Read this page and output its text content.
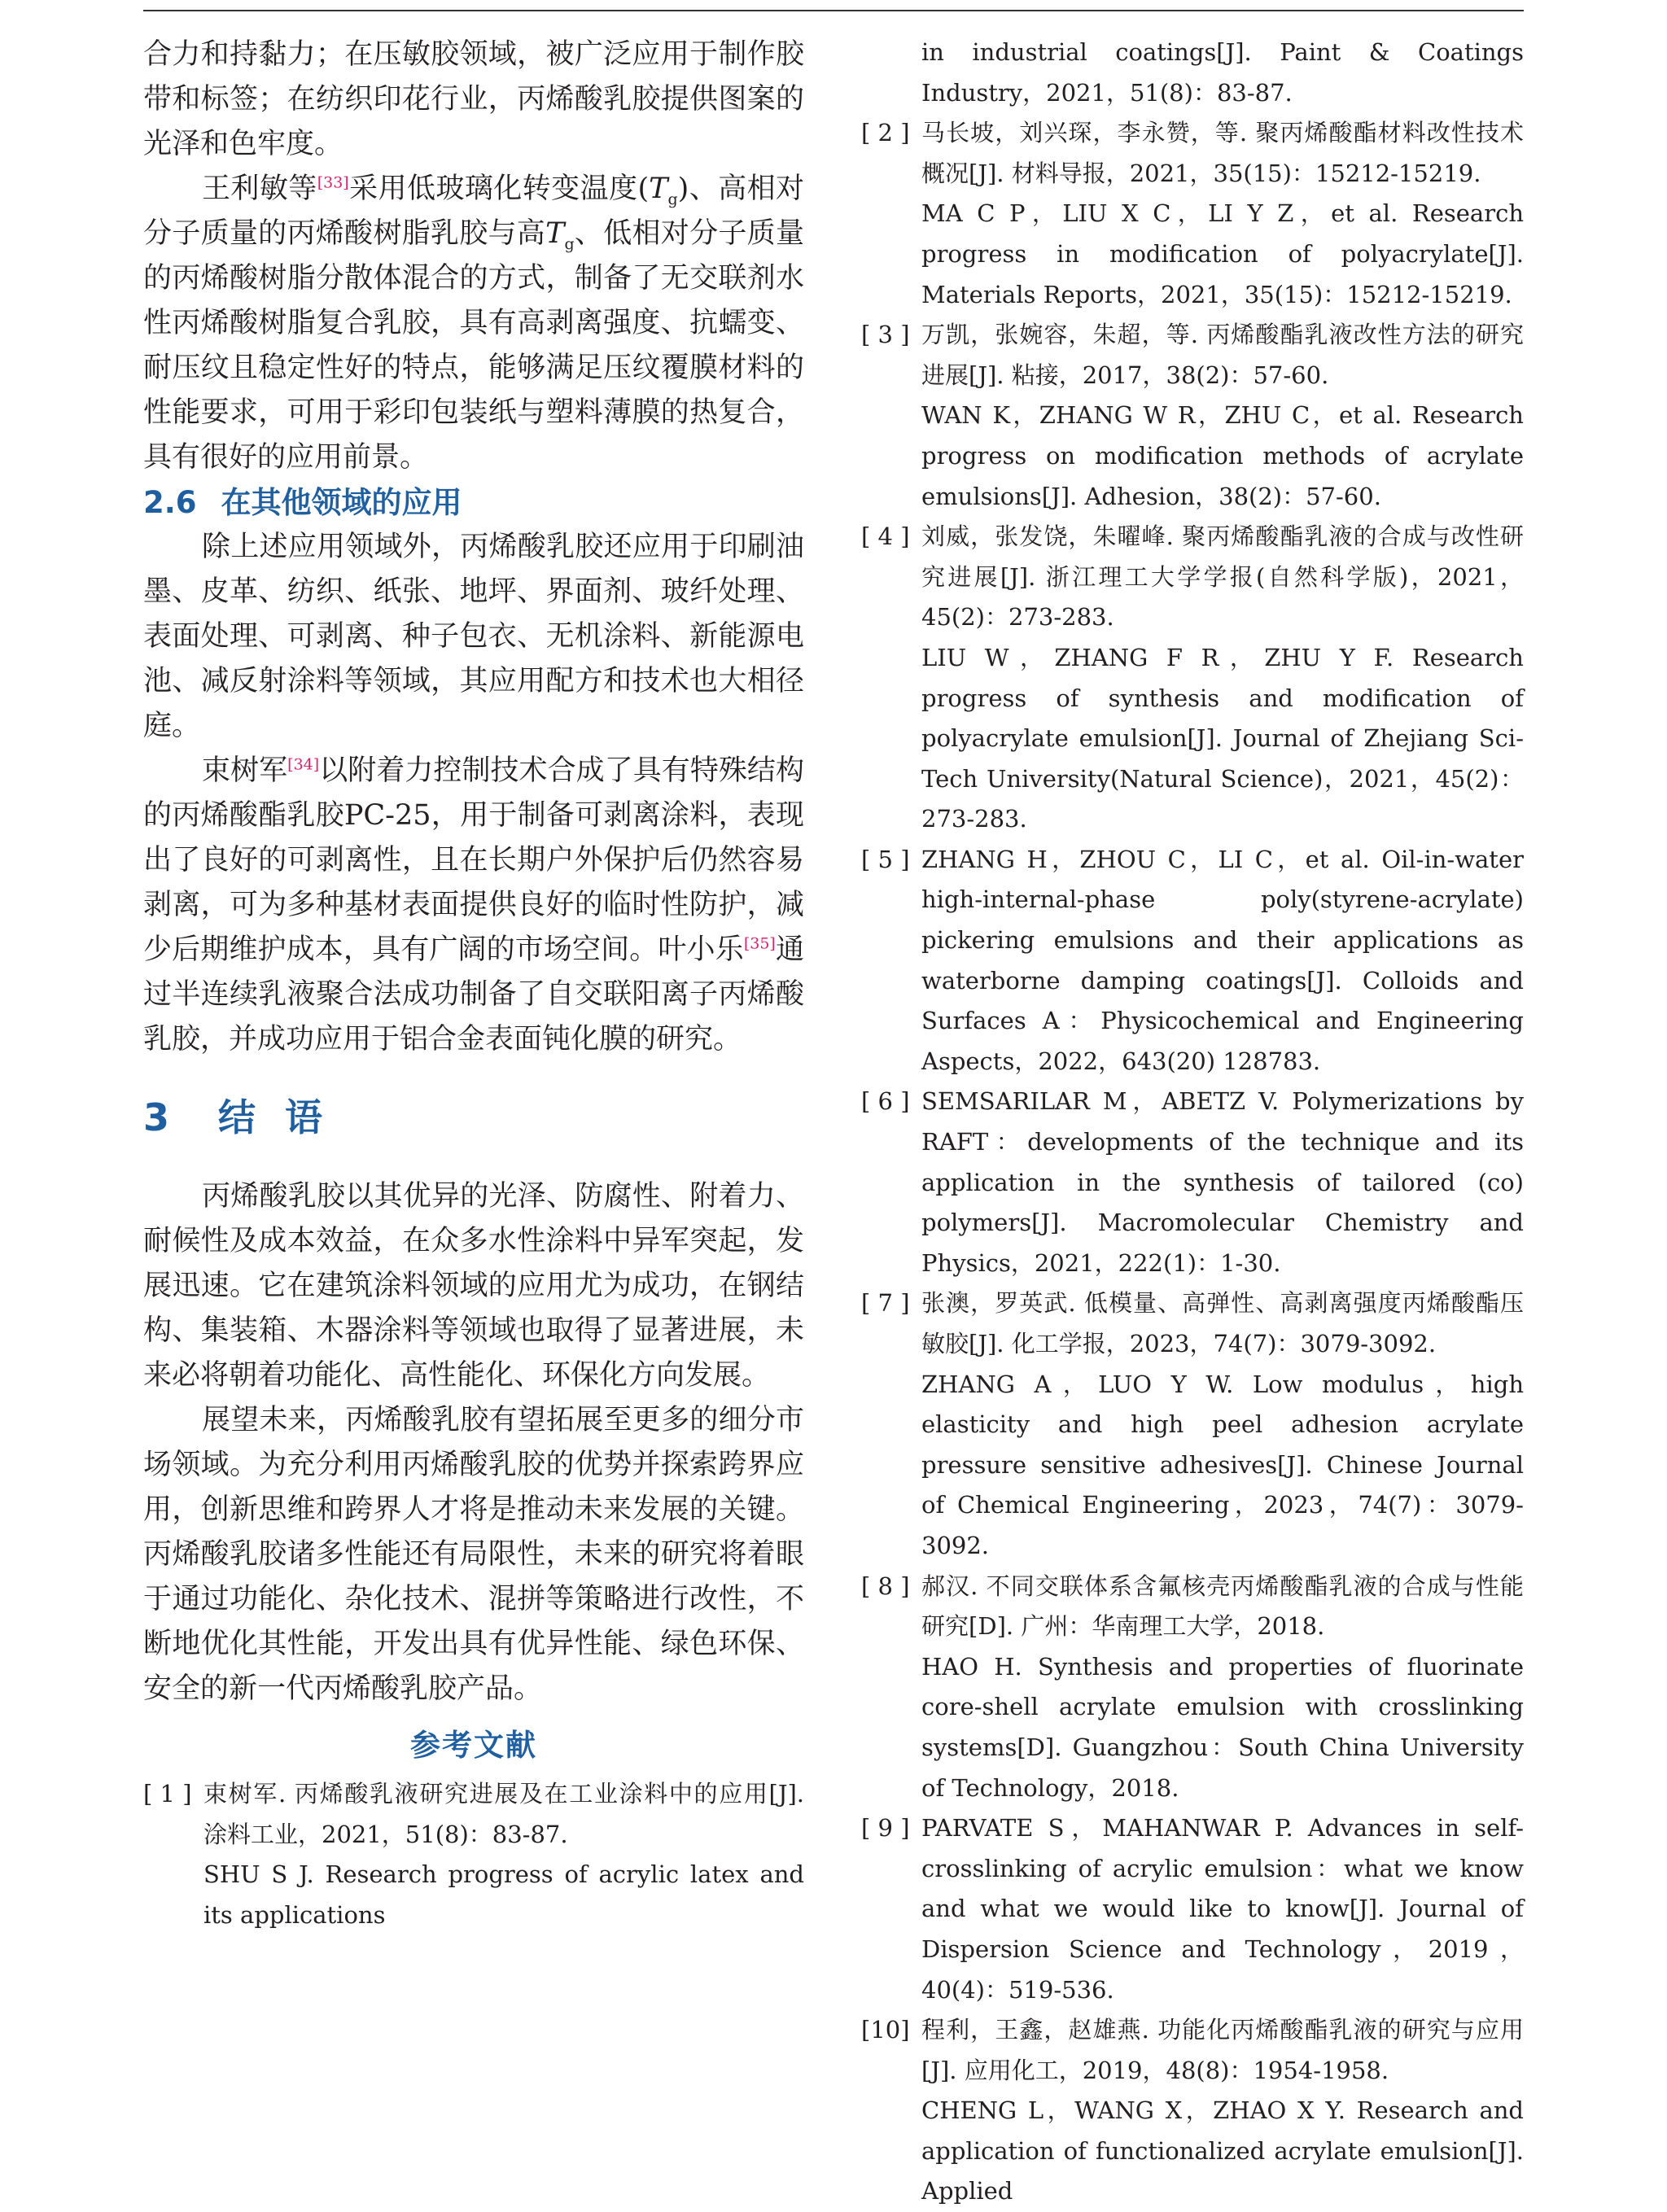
合力和持黏力；在压敏胶领域，被广泛应用于制作胶带和标签；在纺织印花行业，丙烯酸乳胶提供图案的光泽和色牢度。

王利敏等[33]采用低玻璃化转变温度$(T_g)$、高相对分子质量的丙烯酸树脂乳胶与高$T_g$、低相对分子质量的丙烯酸树脂分散体混合的方式，制备了无交联剂水性丙烯酸树脂复合乳胶，具有高剥离强度、抗蠕变、耐压纹且稳定性好的特点，能够满足压纹覆膜材料的性能要求，可用于彩印包装纸与塑料薄膜的热复合，具有很好的应用前景。

2.6 在其他领域的应用

除上述应用领域外，丙烯酸乳胶还应用于印刷油墨、皮革、纺织、纸张、地坪、界面剂、玻纤处理、表面处理、可剥离、种子包衣、无机涂料、新能源电池、减反射涂料等领域，其应用配方和技术也大相径庭。

束树军[34]以附着力控制技术合成了具有特殊结构的丙烯酸酯乳胶PC-25，用于制备可剥离涂料，表现出了良好的可剥离性，且在长期户外保护后仍然容易剥离，可为多种基材表面提供良好的临时性防护，减少后期维护成本，具有广阔的市场空间。叶小乐[35]通过半连续乳液聚合法成功制备了自交联阳离子丙烯酸乳胶，并成功应用于铝合金表面钝化膜的研究。

3 结 语

丙烯酸乳胶以其优异的光泽、防腐性、附着力、耐候性及成本效益，在众多水性涂料中异军突起，发展迅速。它在建筑涂料领域的应用尤为成功，在钢结构、集装箱、木器涂料等领域也取得了显著进展，未来必将朝着功能化、高性能化、环保化方向发展。

展望未来，丙烯酸乳胶有望拓展至更多的细分市场领域。为充分利用丙烯酸乳胶的优势并探索跨界应用，创新思维和跨界人才将是推动未来发展的关键。丙烯酸乳胶诸多性能还有局限性，未来的研究将着眼于通过功能化、杂化技术、混拼等策略进行改性，不断地优化其性能，开发出具有优异性能、绿色环保、安全的新一代丙烯酸乳胶产品。

参考文献
[ 1 ] 束树军. 丙烯酸乳液研究进展及在工业涂料中的应用[J]. 涂料工业，2021，51(8)：83-87.

SHU S J. Research progress of acrylic latex and its applications

in industrial coatings[J]. Paint & Coatings Industry，2021，51(8)：83-87.

[ 2 ] 马长坡，刘兴琛，李永赞，等. 聚丙烯酸酯材料改性技术概况[J]. 材料导报，2021，35(15)：15212-15219.

MA C P，LIU X C，LI Y Z，et al. Research progress in modification of polyacrylate[J]. Materials Reports，2021，35(15)：15212-15219.

[ 3 ] 万凯，张婉容，朱超，等. 丙烯酸酯乳液改性方法的研究进展[J]. 粘接，2017，38(2)：57-60.

WAN K，ZHANG W R，ZHU C，et al. Research progress on modification methods of acrylate emulsions[J]. Adhesion，38(2)：57-60.

[ 4 ] 刘威，张发饶，朱曜峰. 聚丙烯酸酯乳液的合成与改性研究进展[J]. 浙江理工大学学报(自然科学版)，2021，45(2)：273-283.

LIU W，ZHANG F R，ZHU Y F. Research progress of synthesis and modification of polyacrylate emulsion[J]. Journal of Zhejiang Sci-Tech University(Natural Science)，2021，45(2)：273-283.

[ 5 ] ZHANG H，ZHOU C，LI C，et al. Oil-in-water high-internal-phase poly(styrene-acrylate) pickering emulsions and their applications as waterborne damping coatings[J]. Colloids and Surfaces A：Physicochemical and Engineering Aspects，2022，643(20) 128783.

[ 6 ] SEMSARILAR M，ABETZ V. Polymerizations by RAFT：developments of the technique and its application in the synthesis of tailored (co) polymers[J]. Macromolecular Chemistry and Physics，2021，222(1)：1-30.

[ 7 ] 张澳，罗英武. 低模量、高弹性、高剥离强度丙烯酸酯压敏胶[J]. 化工学报，2023，74(7)：3079-3092.

ZHANG A，LUO Y W. Low modulus，high elasticity and high peel adhesion acrylate pressure sensitive adhesives[J]. Chinese Journal of Chemical Engineering，2023，74(7)：3079-3092.

[ 8 ] 郝汉. 不同交联体系含氟核壳丙烯酸酯乳液的合成与性能研究[D]. 广州：华南理工大学，2018.

HAO H. Synthesis and properties of fluorinate core-shell acrylate emulsion with crosslinking systems[D]. Guangzhou：South China University of Technology，2018.

[ 9 ] PARVATE S，MAHANWAR P. Advances in self-crosslinking of acrylic emulsion：what we know and what we would like to know[J]. Journal of Dispersion Science and Technology，2019，40(4)：519-536.

[10] 程利，王鑫，赵雄燕. 功能化丙烯酸酯乳液的研究与应用[J]. 应用化工，2019，48(8)：1954-1958.

CHENG L，WANG X，ZHAO X Y. Research and application of functionalized acrylate emulsion[J]. Applied
